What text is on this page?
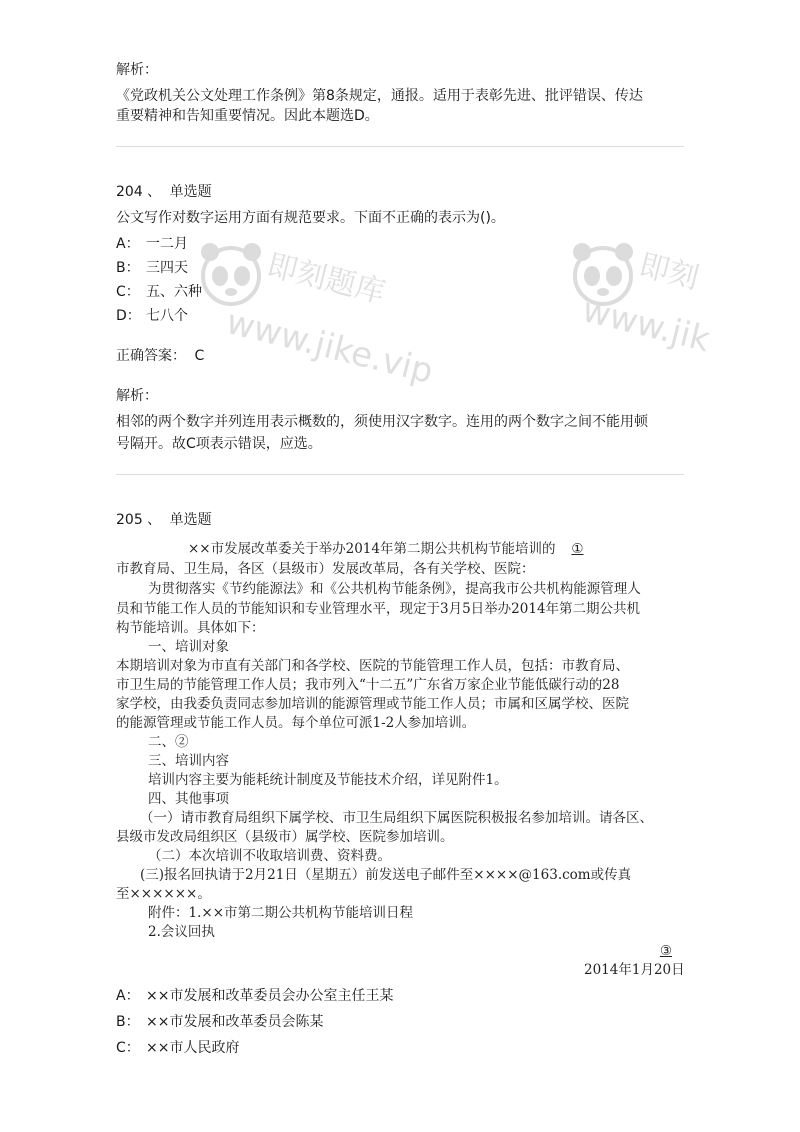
即刻题库
www.jike.vip
即刻
www.jik

解析：

《党政机关公文处理工作条例》第8条规定，通报。适用于表彰先进、批评错误、传达

重要精神和告知重要情况。因此本题选D。

204 、 单选题

公文写作对数字运用方面有规范要求。下面不正确的表示为()。

A： 一二月

B： 三四天

C： 五、六种

D： 七八个

正确答案： C

解析：

相邻的两个数字并列连用表示概数的，须使用汉字数字。连用的两个数字之间不能用顿

号隔开。故C项表示错误，应选。

205 、 单选题

××市发展改革委关于举办2014年第二期公共机构节能培训的 ①

市教育局、卫生局，各区（县级市）发展改革局，各有关学校、医院：

为贯彻落实《节约能源法》和《公共机构节能条例》，提高我市公共机构能源管理人

员和节能工作人员的节能知识和专业管理水平，现定于3月5日举办2014年第二期公共机

构节能培训。具体如下：

一、培训对象

本期培训对象为市直有关部门和各学校、医院的节能管理工作人员，包括：市教育局、

市卫生局的节能管理工作人员；我市列入“十二五”广东省万家企业节能低碳行动的28

家学校，由我委负责同志参加培训的能源管理或节能工作人员；市属和区属学校、医院

的能源管理或节能工作人员。每个单位可派1-2人参加培训。

二、②

三、培训内容

培训内容主要为能耗统计制度及节能技术介绍，详见附件1。

四、其他事项

（一）请市教育局组织下属学校、市卫生局组织下属医院积极报名参加培训。请各区、

县级市发改局组织区（县级市）属学校、医院参加培训。

（二）本次培训不收取培训费、资料费。

(三)报名回执请于2月21日（星期五）前发送电子邮件至××××@163.com或传真

至××××××。

附件：1.××市第二期公共机构节能培训日程

2.会议回执

③

2014年1月20日

A： ××市发展和改革委员会办公室主任王某

B： ××市发展和改革委员会陈某

C： ××市人民政府
